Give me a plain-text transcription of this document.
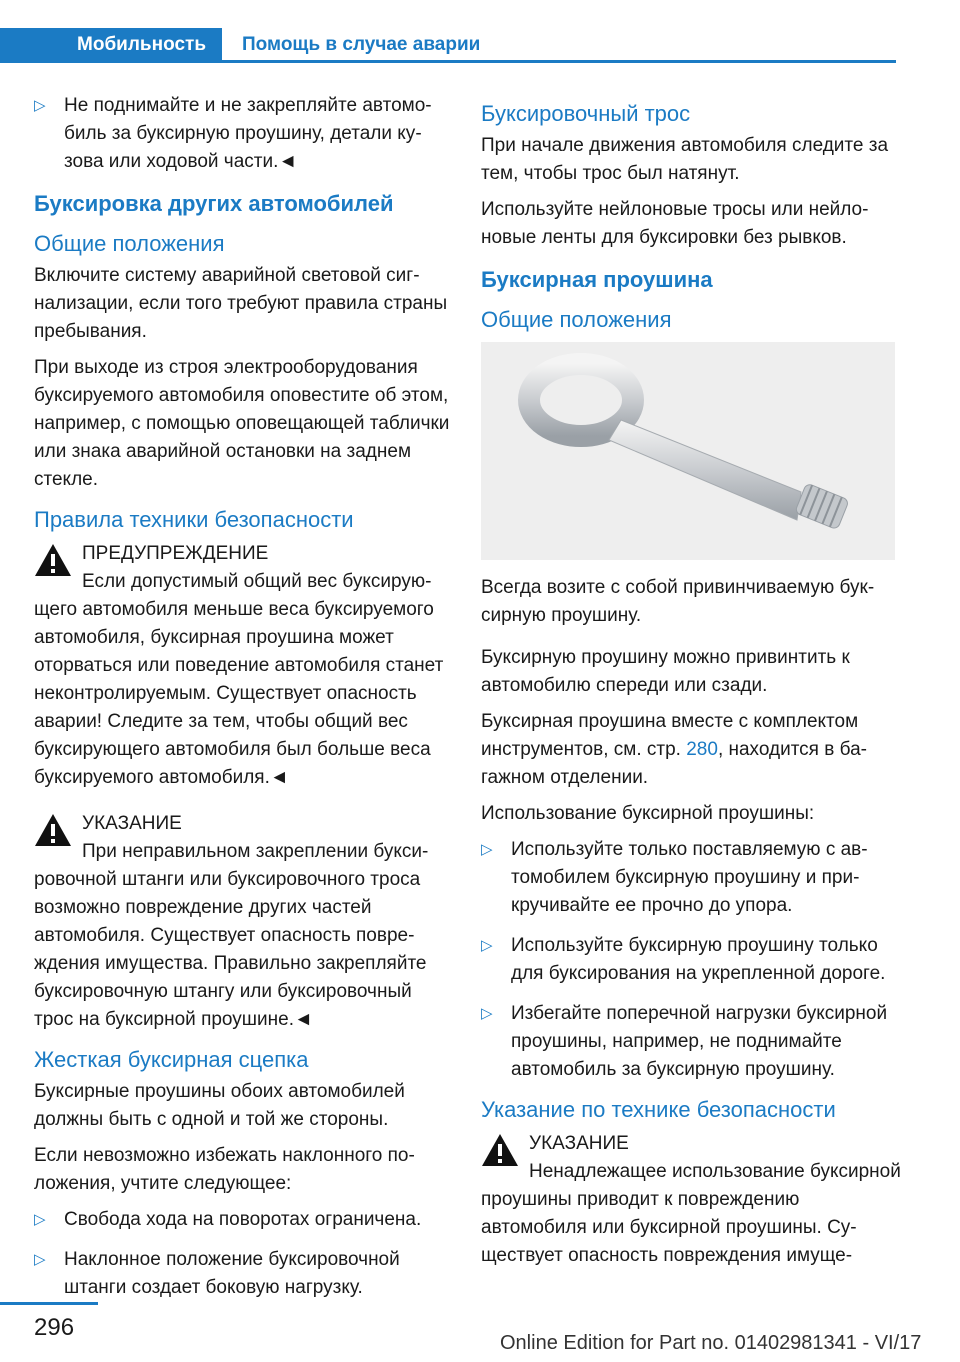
Мобильность	Помощь в случае аварии
▷ Не поднимайте и не закрепляйте автомобиль за буксирную проушину, детали кузова или ходовой части.◄
Буксировка других автомобилей
Общие положения

Включите систему аварийной световой сигнализации, если того требуют правила страны пребывания.

При выходе из строя электрооборудования буксируемого автомобиля оповестите об этом, например, с помощью оповещающей таблички или знака аварийной остановки на заднем стекле.

Правила техники безопасности
ПРЕДУПРЕЖДЕНИЕ
Если допустимый общий вес буксирующего автомобиля меньше веса буксируемого автомобиля, буксирная проушина может оторваться или поведение автомобиля станет неконтролируемым. Существует опасность аварии! Следите за тем, чтобы общий вес буксирующего автомобиля был больше веса буксируемого автомобиля.◄
УКАЗАНИЕ
При неправильном закреплении буксировочной штанги или буксировочного троса возможно повреждение других частей автомобиля. Существует опасность повреждения имущества. Правильно закрепляйте буксировочную штангу или буксировочный трос на буксирной проушине.◄
Жесткая буксирная сцепка

Буксирные проушины обоих автомобилей должны быть с одной и той же стороны.

Если невозможно избежать наклонного положения, учтите следующее:

▷ Свобода хода на поворотах ограничена.
▷ Наклонное положение буксировочной штанги создает боковую нагрузку.
Буксировочный трос

При начале движения автомобиля следите за тем, чтобы трос был натянут.

Используйте нейлоновые тросы или нейлоновые ленты для буксировки без рывков.

Буксирная проушина
Общие положения

Всегда возите с собой привинчиваемую буксирную проушину.

Буксирную проушину можно привинтить к автомобилю спереди или сзади.

Буксирная проушина вместе с комплектом инструментов, см. стр. 280, находится в багажном отделении.

Использование буксирной проушины:

▷ Используйте только поставляемую с автомобилем буксирную проушину и прикручивайте ее прочно до упора.
▷ Используйте буксирную проушину только для буксирования на укрепленной дороге.
▷ Избегайте поперечной нагрузки буксирной проушины, например, не поднимайте автомобиль за буксирную проушину.
Указание по технике безопасности
УКАЗАНИЕ
Ненадлежащее использование буксирной проушины приводит к повреждению автомобиля или буксирной проушины. Существует опасность повреждения имуще-
296
Online Edition for Part no. 01402981341 - VI/17
